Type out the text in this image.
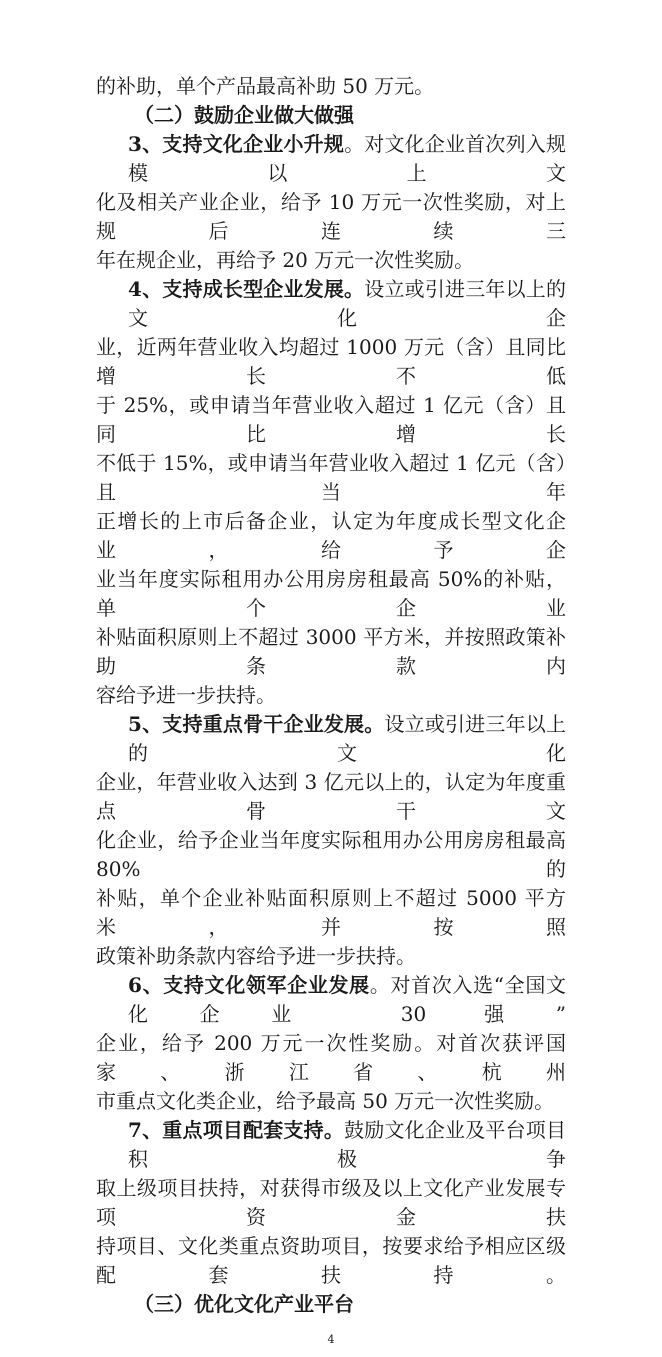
的补助，单个产品最高补助 50 万元。
（二）鼓励企业做大做强
3、支持文化企业小升规。对文化企业首次列入规模以上文
化及相关产业企业，给予 10 万元一次性奖励，对上规后连续三
年在规企业，再给予 20 万元一次性奖励。
4、支持成长型企业发展。设立或引进三年以上的文化企
业，近两年营业收入均超过 1000 万元（含）且同比增长不低
于 25%，或申请当年营业收入超过 1 亿元（含）且同比增长
不低于 15%，或申请当年营业收入超过 1 亿元（含）且当年
正增长的上市后备企业，认定为年度成长型文化企业，给予企
业当年度实际租用办公用房房租最高 50%的补贴，单个企业
补贴面积原则上不超过 3000 平方米，并按照政策补助条款内
容给予进一步扶持。
5、支持重点骨干企业发展。设立或引进三年以上的文化
企业，年营业收入达到 3 亿元以上的，认定为年度重点骨干文
化企业，给予企业当年度实际租用办公用房房租最高 80%的
补贴，单个企业补贴面积原则上不超过 5000 平方米，并按照
政策补助条款内容给予进一步扶持。
6、支持文化领军企业发展。对首次入选“全国文化企业 30 强”
企业，给予 200 万元一次性奖励。对首次获评国家、浙江省、杭州
市重点文化类企业，给予最高 50 万元一次性奖励。
7、重点项目配套支持。鼓励文化企业及平台项目积极争
取上级项目扶持，对获得市级及以上文化产业发展专项资金扶
持项目、文化类重点资助项目，按要求给予相应区级配套扶持。
（三）优化文化产业平台
4
